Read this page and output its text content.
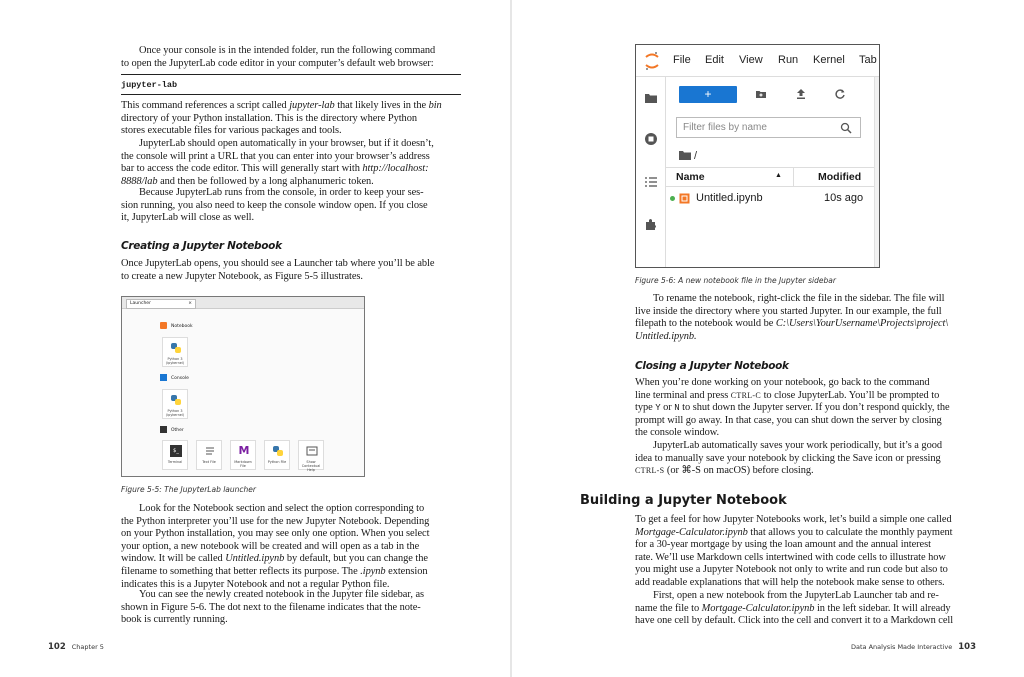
Once your console is in the intended folder, run the following command
to open the JupyterLab code editor in your computer’s default web browser:
jupyter-lab
This command references a script called jupyter-lab that likely lives in the bin
directory of your Python installation. This is the directory where Python
stores executable files for various packages and tools.
JupyterLab should open automatically in your browser, but if it doesn’t,
the console will print a URL that you can enter into your browser’s address
bar to access the code editor. This will generally start with http://localhost:
8888/lab and then be followed by a long alphanumeric token.
Because JupyterLab runs from the console, in order to keep your ses-
sion running, you also need to keep the console window open. If you close
it, JupyterLab will close as well.
Creating a Jupyter Notebook
Once JupyterLab opens, you should see a Launcher tab where you’ll be able
to create a new Jupyter Notebook, as Figure 5-5 illustrates.
Launcher	×
Notebook
Python 3
(ipykernel)
Console
Python 3
(ipykernel)
Other
$_
Terminal	Text File
M
Markdown File
Python File	Show Contextual Help
Figure 5-5: The JupyterLab launcher
Look for the Notebook section and select the option corresponding to
the Python interpreter you’ll use for the new Jupyter Notebook. Depending
on your Python installation, you may see only one option. When you select
your option, a new notebook will be created and will open as a tab in the
window. It will be called Untitled.ipynb by default, but you can change the
filename to something that better reflects its purpose. The .ipynb extension
indicates this is a Jupyter Notebook and not a regular Python file.
You can see the newly created notebook in the Jupyter file sidebar, as
shown in Figure 5-6. The dot next to the filename indicates that the note-
book is currently running.
102 Chapter 5
File Edit View Run Kernel Tab
+
Filter files by name
/
Name	▲	Modified
Untitled.ipynb	10s ago
Figure 5-6: A new notebook file in the Jupyter sidebar
To rename the notebook, right-click the file in the sidebar. The file will
live inside the directory where you started Jupyter. In our example, the full
filepath to the notebook would be C:\Users\YourUsername\Projects\project\
Untitled.ipynb.
Closing a Jupyter Notebook
When you’re done working on your notebook, go back to the command
line terminal and press CTRL-C to close JupyterLab. You’ll be prompted to
type Y or N to shut down the Jupyter server. If you don’t respond quickly, the
prompt will go away. In that case, you can shut down the server by closing
the console window.
JupyterLab automatically saves your work periodically, but it’s a good
idea to manually save your notebook by clicking the Save icon or pressing
CTRL-S (or ⌘-S on macOS) before closing.
Building a Jupyter Notebook
To get a feel for how Jupyter Notebooks work, let’s build a simple one called
Mortgage-Calculator.ipynb that allows you to calculate the monthly payment
for a 30-year mortgage by using the loan amount and the annual interest
rate. We’ll use Markdown cells intertwined with code cells to illustrate how
you might use a Jupyter Notebook not only to write and run code but also to
add readable explanations that will help the notebook make sense to others.
First, open a new notebook from the JupyterLab Launcher tab and re-
name the file to Mortgage-Calculator.ipynb in the left sidebar. It will already
have one cell by default. Click into the cell and convert it to a Markdown cell
Data Analysis Made Interactive 103
